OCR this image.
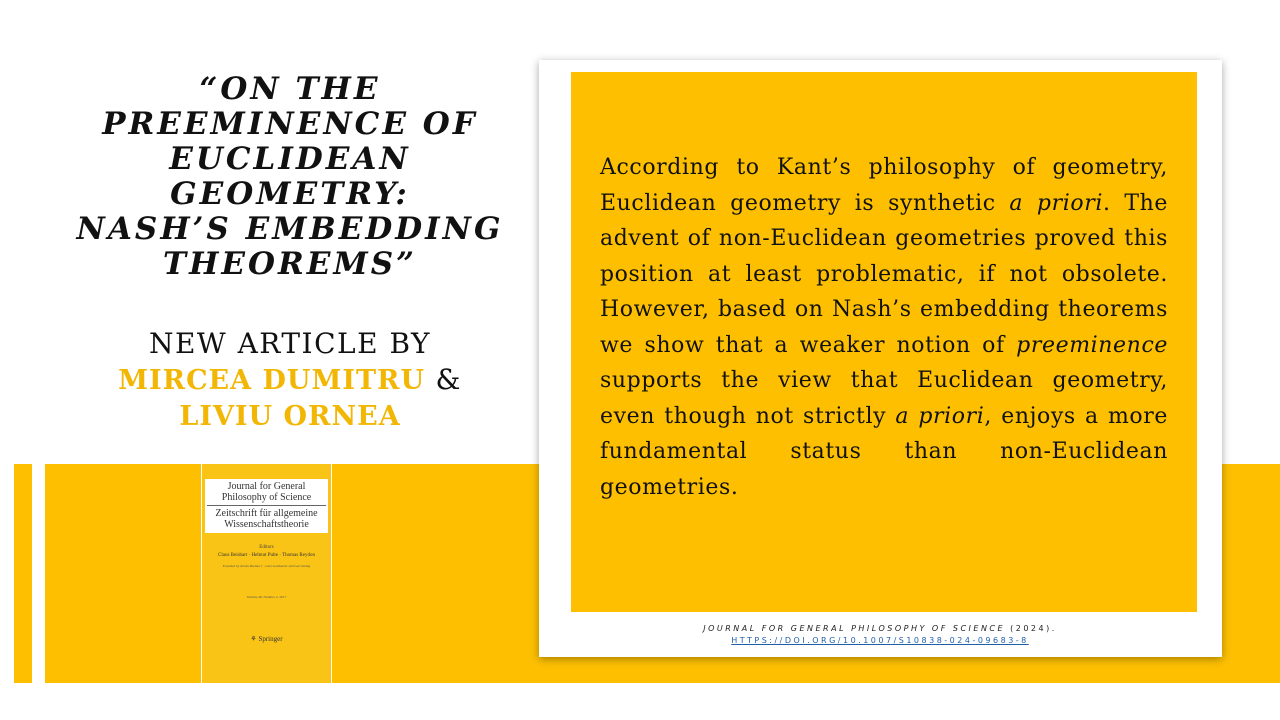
“ON THE
PREEMINENCE OF
EUCLIDEAN
GEOMETRY:
NASH’S EMBEDDING
THEOREMS”
NEW ARTICLE BY
MIRCEA DUMITRU &
LIVIU ORNEA
Journal for General Philosophy of Science
Zeitschrift für allgemeine Wissenschaftstheorie
Editors
Claus Beisbart · Helmut Pulte · Thomas Reydon
Founded by Alwin Diemer † , Lutz Geldsetzer and Gert König
Volume 48, Number 2, 2017
⚘ Springer
According to Kant’s philosophy of geometry, Euclidean geometry is synthetic a priori. The advent of non-Euclidean geometries proved this position at least problematic, if not obsolete. However, based on Nash’s embedding theorems we show that a weaker notion of preeminence supports the view that Euclidean geometry, even though not strictly a priori, enjoys a more fundamental status than non-Euclidean geometries.
JOURNAL FOR GENERAL PHILOSOPHY OF SCIENCE (2024).
HTTPS://DOI.ORG/10.1007/S10838-024-09683-8
